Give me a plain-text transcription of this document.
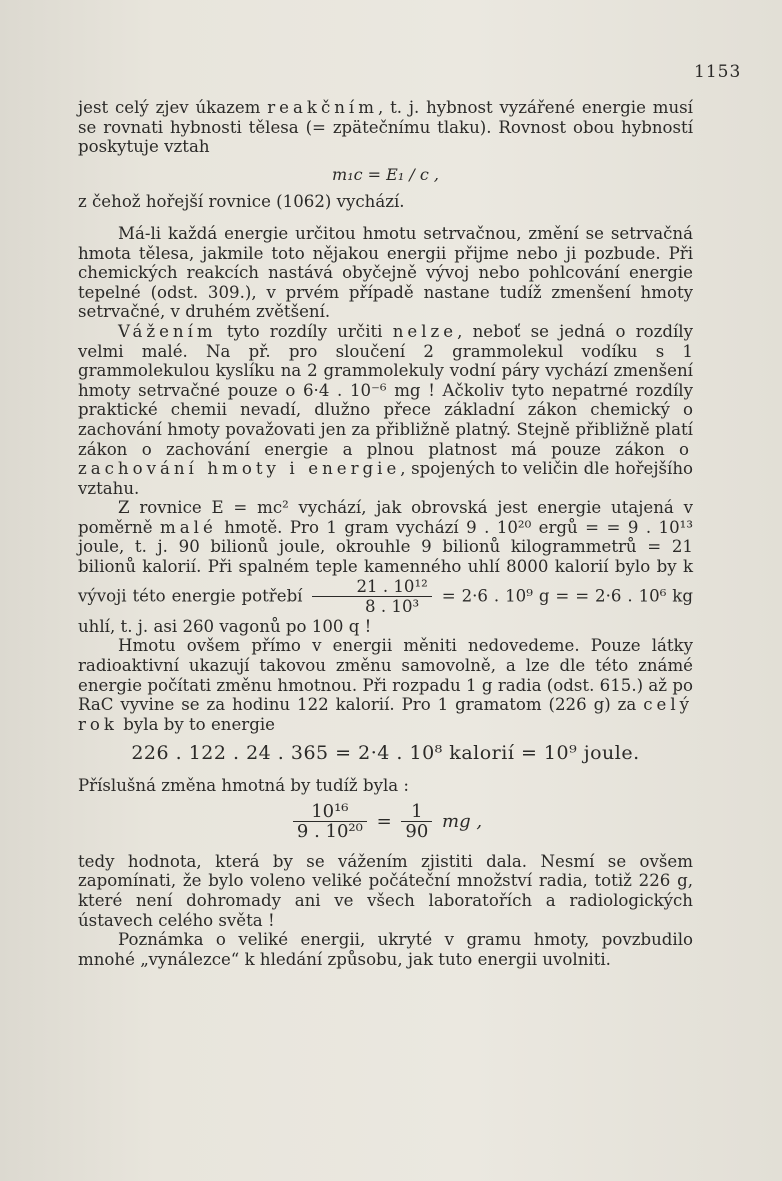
1153

jest celý zjev úkazem reakčním, t. j. hybnost vyzářené energie musí se rovnati hybnosti tělesa (= zpätečnímu tlaku). Rovnost obou hybností poskytuje vztah

m₁c = E₁ / c ,

z čehož hořejší rovnice (1062) vychází.

Má-li každá energie určitou hmotu setrvačnou, změní se setrvačná hmota tělesa, jakmile toto nějakou energii přijme nebo ji pozbude. Při chemických reakcích nastává obyčejně vývoj nebo pohlcování energie tepelné (odst. 309.), v prvém případě nastane tudíž zmenšení hmoty setrvačné, v druhém zvětšení.

Vážením tyto rozdíly určiti nelze, neboť se jedná o rozdíly velmi malé. Na př. pro sloučení 2 grammolekul vodíku s 1 grammolekulou kyslíku na 2 grammolekuly vodní páry vychází zmenšení hmoty setrvačné pouze o 6·4 . 10⁻⁶ mg ! Ačkoliv tyto nepatrné rozdíly praktické chemii nevadí, dlužno přece základní zákon chemický o zachování hmoty považovati jen za přibližně platný. Stejně přibližně platí zákon o zachování energie a plnou platnost má pouze zákon o zachování hmoty i energie, spojených to veličin dle hořejšího vztahu.

Z rovnice E = mc² vychází, jak obrovská jest energie utajená v poměrně malé hmotě. Pro 1 gram vychází 9 . 10²⁰ ergů = = 9 . 10¹³ joule, t. j. 90 bilionů joule, okrouhle 9 bilionů kilogrammetrů = 21 bilionů kalorií. Při spalném teple kamenného uhlí 8000 kalorií bylo by k vývoji této energie potřebí $\frac{\text{21 . 10¹²}}{\text{8 . 10³}} = 2\cdot 6$ . 10⁹ g = = 2·6 . 10⁶ kg uhlí, t. j. asi 260 vagonů po 100 q !

Hmotu ovšem přímo v energii měniti nedovedeme. Pouze látky radioaktivní ukazují takovou změnu samovolně, a lze dle této známé energie počítati změnu hmotnou. Při rozpadu 1 g radia (odst. 615.) až po RaC vyvine se za hodinu 122 kalorií. Pro 1 gramatom (226 g) za celý rok byla by to energie

226 . 122 . 24 . 365 = 2·4 . 10⁸ kalorií = 10⁹ joule.

Příslušná změna hmotná by tudíž byla :

$\frac{\text{10¹⁶}}{\text{9 . 10²⁰}} = \frac{1}{90}$ mg ,

tedy hodnota, která by se vážením zjistiti dala. Nesmí se ovšem zapomínati, že bylo voleno veliké počáteční množství radia, totiž 226 g, které není dohromady ani ve všech laboratořích a radiologických ústavech celého světa !

Poznámka o veliké energii, ukryté v gramu hmoty, povzbudilo mnohé „vynálezce“ k hledání způsobu, jak tuto energii uvolniti.
